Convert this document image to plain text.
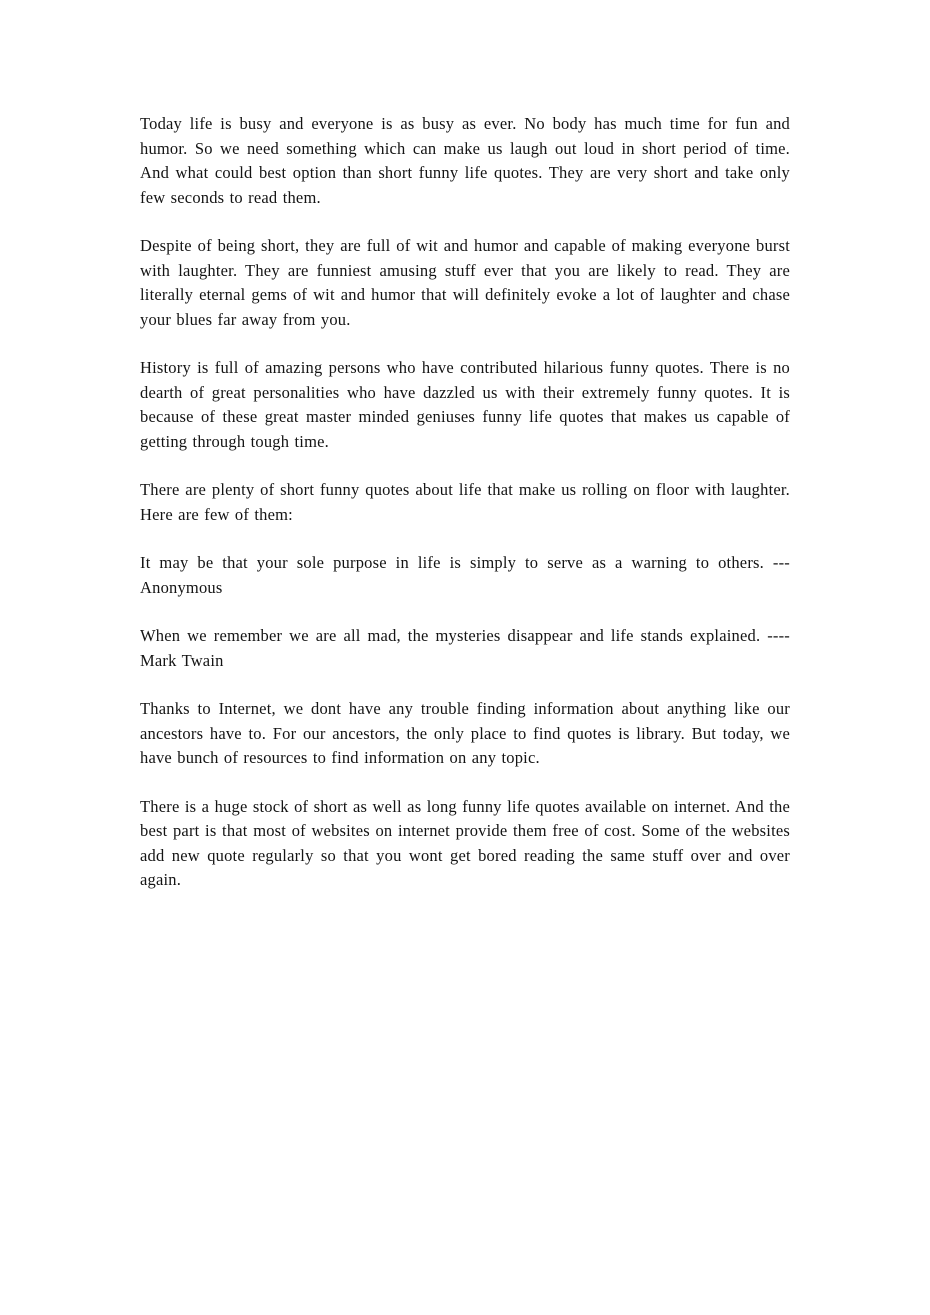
Today life is busy and everyone is as busy as ever. No body has much time for fun and humor. So we need something which can make us laugh out loud in short period of time. And what could best option than short funny life quotes. They are very short and take only few seconds to read them.

Despite of being short, they are full of wit and humor and capable of making everyone burst with laughter. They are funniest amusing stuff ever that you are likely to read. They are literally eternal gems of wit and humor that will definitely evoke a lot of laughter and chase your blues far away from you.

History is full of amazing persons who have contributed hilarious funny quotes. There is no dearth of great personalities who have dazzled us with their extremely funny quotes. It is because of these great master minded geniuses funny life quotes that makes us capable of getting through tough time.

There are plenty of short funny quotes about life that make us rolling on floor with laughter. Here are few of them:

It may be that your sole purpose in life is simply to serve as a warning to others. ---Anonymous

When we remember we are all mad, the mysteries disappear and life stands explained. ----Mark Twain

Thanks to Internet, we dont have any trouble finding information about anything like our ancestors have to. For our ancestors, the only place to find quotes is library. But today, we have bunch of resources to find information on any topic.

There is a huge stock of short as well as long funny life quotes available on internet. And the best part is that most of websites on internet provide them free of cost. Some of the websites add new quote regularly so that you wont get bored reading the same stuff over and over again.
